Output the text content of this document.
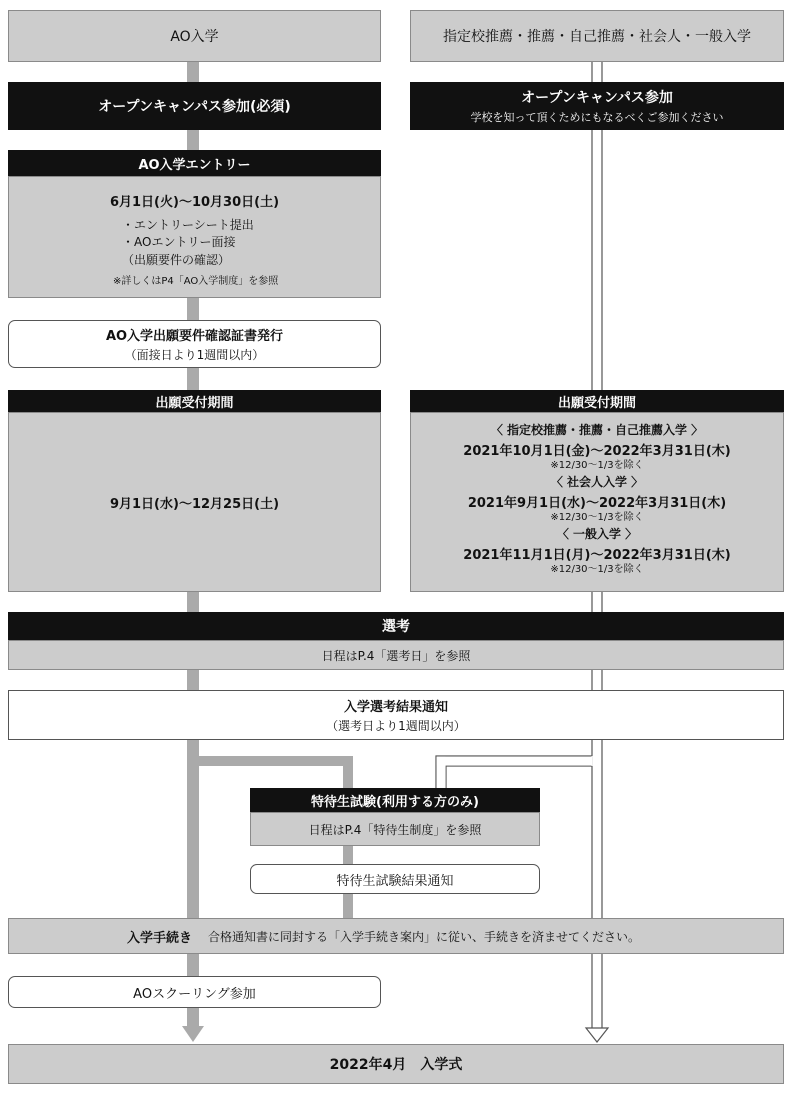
AO入学	指定校推薦・推薦・自己推薦・社会人・一般入学
オープンキャンパス参加(必須)
オープンキャンパス参加
学校を知って頂くためにもなるべくご参加ください
AO入学エントリー
6月1日(火)～10月30日(土)
・エントリーシート提出
・AOエントリー面接
（出願要件の確認）
※詳しくはP4「AO入学制度」を参照
AO入学出願要件確認証書発行
（面接日より1週間以内）
出願受付期間
9月1日(水)～12月25日(土)
出願受付期間
〈 指定校推薦・推薦・自己推薦入学 〉
2021年10月1日(金)～2022年3月31日(木)
※12/30～1/3を除く
〈 社会人入学 〉
2021年9月1日(水)～2022年3月31日(木)
※12/30～1/3を除く
〈 一般入学 〉
2021年11月1日(月)～2022年3月31日(木)
※12/30～1/3を除く
選考
日程はP.4「選考日」を参照
入学選考結果通知
（選考日より1週間以内）
特待生試験(利用する方のみ)
日程はP.4「特待生制度」を参照
特待生試験結果通知
入学手続き 合格通知書に同封する「入学手続き案内」に従い、手続きを済ませてください。
AOスクーリング参加
2022年4月　入学式
